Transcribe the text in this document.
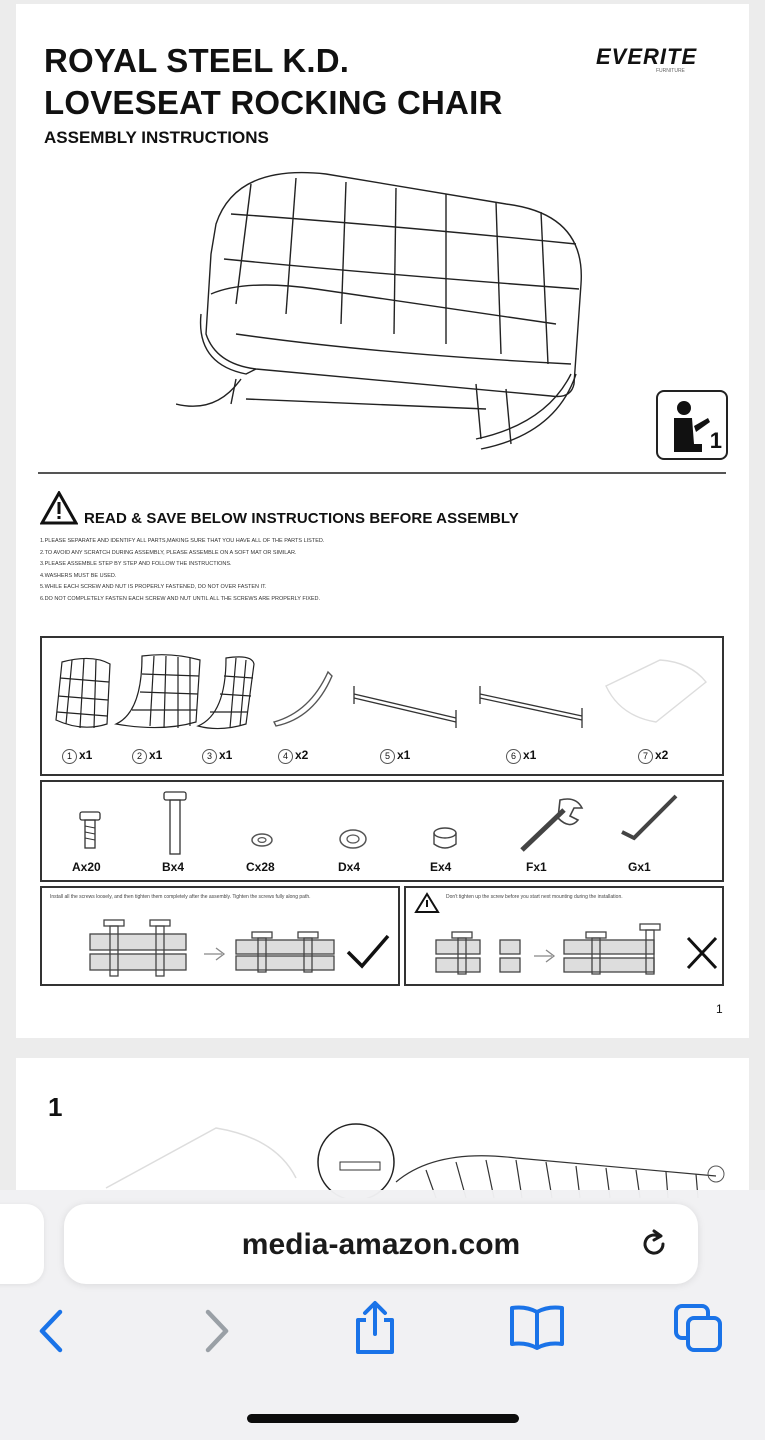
ROYAL STEEL K.D.
LOVESEAT ROCKING CHAIR
ASSEMBLY INSTRUCTIONS
EVERITE
FURNITURE
1
READ & SAVE BELOW INSTRUCTIONS BEFORE ASSEMBLY
1.PLEASE SEPARATE AND IDENTIFY ALL PARTS,MAKING SURE THAT YOU HAVE ALL OF THE PARTS LISTED.
2.TO AVOID ANY SCRATCH DURING ASSEMBLY, PLEASE ASSEMBLE ON A SOFT MAT OR SIMILAR.
3.PLEASE ASSEMBLE STEP BY STEP AND FOLLOW THE INSTRUCTIONS.
4.WASHERS MUST BE USED.
5.WHILE EACH SCREW AND NUT IS PROPERLY FASTENED, DO NOT OVER FASTEN IT.
6.DO NOT COMPLETELY FASTEN EACH SCREW AND NUT UNTIL ALL THE SCREWS ARE PROPERLY FIXED.
1 x1	2 x1	3 x1	4 x2	5 x1	6 x1	7 x2
Ax20	Bx4	Cx28	Dx4	Ex4	Fx1	Gx1
Install all the screws loosely, and then tighten them completely after the assembly. Tighten the screws fully along path.	Don't tighten up the screw before you start next mounting during the installation.
1
1
media-amazon.com
